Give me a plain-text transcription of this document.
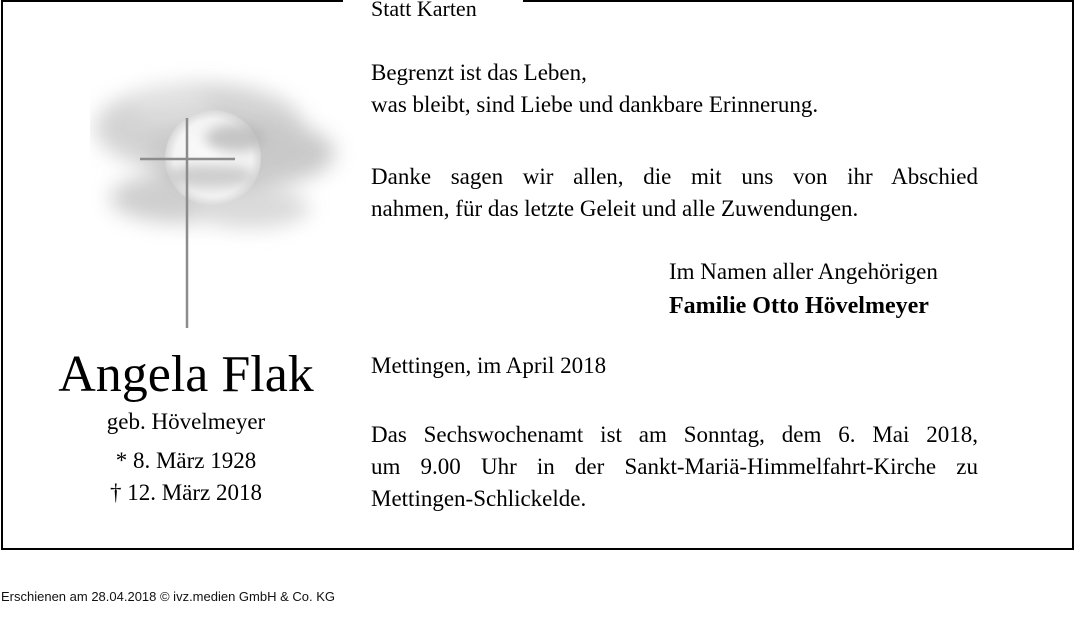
Statt Karten
Begrenzt ist das Leben,
was bleibt, sind Liebe und dankbare Erinnerung.
Danke sagen wir allen, die mit uns von ihr Abschied
nahmen, für das letzte Geleit und alle Zuwendungen.
Im Namen aller Angehörigen
Familie Otto Hövelmeyer
Mettingen, im April 2018
Das Sechswochenamt ist am Sonntag, dem 6. Mai 2018,
um 9.00 Uhr in der Sankt-Mariä-Himmelfahrt-Kirche zu
Mettingen-Schlickelde.
Angela Flak
geb. Hövelmeyer
* 8. März 1928
† 12. März 2018
Erschienen am 28.04.2018 © ivz.medien GmbH & Co. KG
